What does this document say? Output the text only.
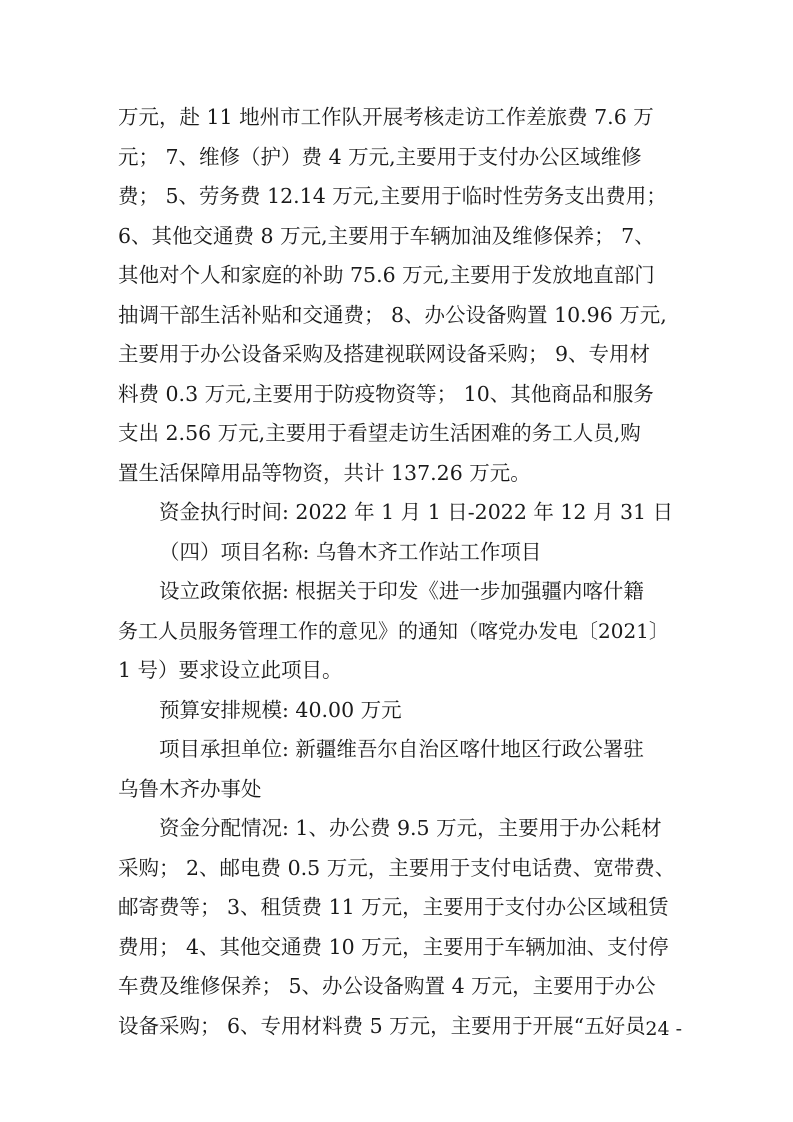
万元，赴 11 地州市工作队开展考核走访工作差旅费 7.6 万
元； 7、维修（护）费 4 万元,主要用于支付办公区域维修
费； 5、劳务费 12.14 万元,主要用于临时性劳务支出费用；
6、其他交通费 8 万元,主要用于车辆加油及维修保养； 7、
其他对个人和家庭的补助 75.6 万元,主要用于发放地直部门
抽调干部生活补贴和交通费； 8、办公设备购置 10.96 万元,
主要用于办公设备采购及搭建视联网设备采购； 9、专用材
料费 0.3 万元,主要用于防疫物资等； 10、其他商品和服务
支出 2.56 万元,主要用于看望走访生活困难的务工人员,购
置生活保障用品等物资，共计 137.26 万元。
资金执行时间: 2022 年 1 月 1 日-2022 年 12 月 31 日
（四）项目名称: 乌鲁木齐工作站工作项目
设立政策依据: 根据关于印发《进一步加强疆内喀什籍
务工人员服务管理工作的意见》的通知（喀党办发电〔2021〕
1 号）要求设立此项目。
预算安排规模: 40.00 万元
项目承担单位: 新疆维吾尔自治区喀什地区行政公署驻
乌鲁木齐办事处
资金分配情况: 1、办公费 9.5 万元，主要用于办公耗材
采购； 2、邮电费 0.5 万元，主要用于支付电话费、宽带费、
邮寄费等； 3、租赁费 11 万元，主要用于支付办公区域租赁
费用； 4、其他交通费 10 万元，主要用于车辆加油、支付停
车费及维修保养； 5、办公设备购置 4 万元，主要用于办公
设备采购； 6、专用材料费 5 万元，主要用于开展“五好员
- 24 -
